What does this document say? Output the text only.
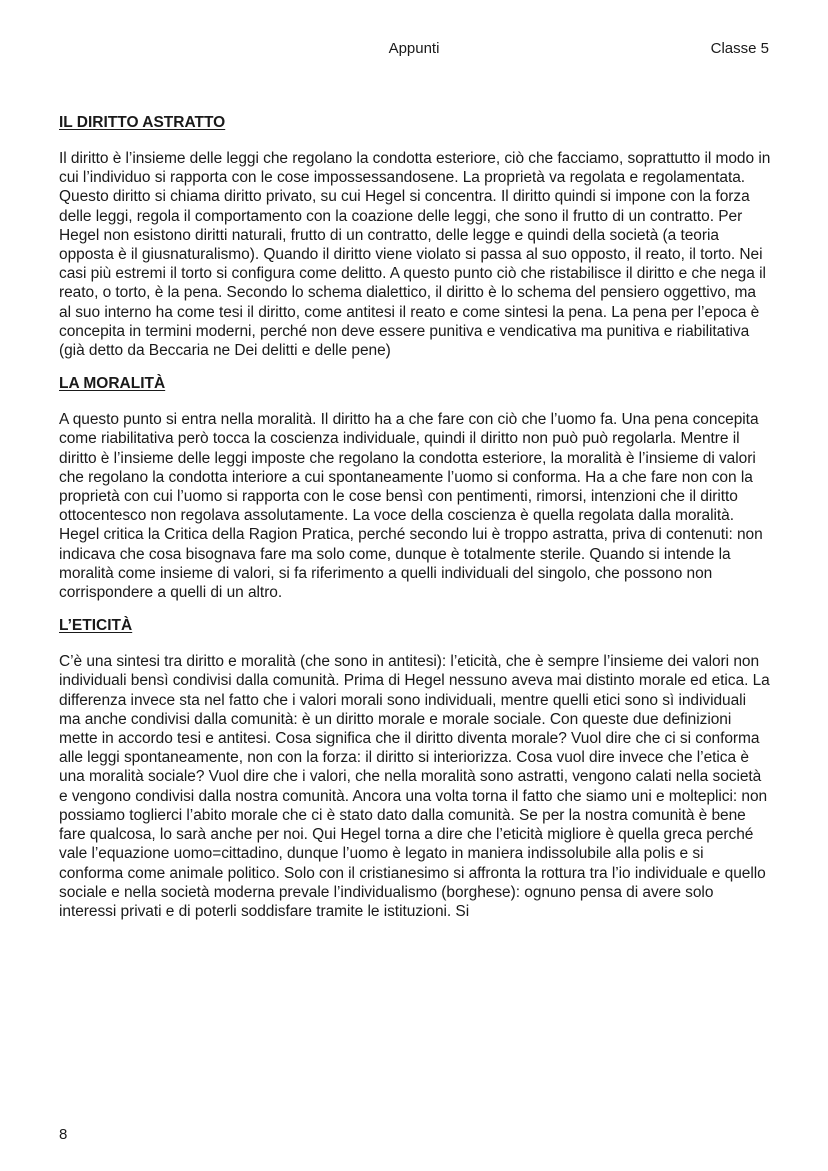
Appunti	Classe 5
IL DIRITTO ASTRATTO

Il diritto è l’insieme delle leggi che regolano la condotta esteriore, ciò che facciamo, soprattutto il modo in cui l’individuo si rapporta con le cose impossessandosene. La proprietà va regolata e regolamentata. Questo diritto si chiama diritto privato, su cui Hegel si concentra. Il diritto quindi si impone con la forza delle leggi, regola il comportamento con la coazione delle leggi, che sono il frutto di un contratto. Per Hegel non esistono diritti naturali, frutto di un contratto, delle legge e quindi della società (a teoria opposta è il giusnaturalismo). Quando il diritto viene violato si passa al suo opposto, il reato, il torto. Nei casi più estremi il torto si configura come delitto. A questo punto ciò che ristabilisce il diritto e che nega il reato, o torto, è la pena. Secondo lo schema dialettico, il diritto è lo schema del pensiero oggettivo, ma al suo interno ha come tesi il diritto, come antitesi il reato e come sintesi la pena. La pena per l’epoca è concepita in termini moderni, perché non deve essere punitiva e vendicativa ma punitiva e riabilitativa (già detto da Beccaria ne Dei delitti e delle pene)

LA MORALITÀ

A questo punto si entra nella moralità. Il diritto ha a che fare con ciò che l’uomo fa. Una pena concepita come riabilitativa però tocca la coscienza individuale, quindi il diritto non può può regolarla. Mentre il diritto è l’insieme delle leggi imposte che regolano la condotta esteriore, la moralità è l’insieme di valori che regolano la condotta interiore a cui spontaneamente l’uomo si conforma. Ha a che fare non con la proprietà con cui l’uomo si rapporta con le cose bensì con pentimenti, rimorsi, intenzioni che il diritto ottocentesco non regolava assolutamente. La voce della coscienza è quella regolata dalla moralità. Hegel critica la Critica della Ragion Pratica, perché secondo lui è troppo astratta, priva di contenuti: non indicava che cosa bisognava fare ma solo come, dunque è totalmente sterile. Quando si intende la moralità come insieme di valori, si fa riferimento a quelli individuali del singolo, che possono non corrispondere a quelli di un altro.

L’ETICITÀ

C’è una sintesi tra diritto e moralità (che sono in antitesi): l’eticità, che è sempre l’insieme dei valori non individuali bensì condivisi dalla comunità. Prima di Hegel nessuno aveva mai distinto morale ed etica. La differenza invece sta nel fatto che i valori morali sono individuali, mentre quelli etici sono sì individuali ma anche condivisi dalla comunità: è un diritto morale e morale sociale. Con queste due definizioni mette in accordo tesi e antitesi. Cosa significa che il diritto diventa morale? Vuol dire che ci si conforma alle leggi spontaneamente, non con la forza: il diritto si interiorizza. Cosa vuol dire invece che l’etica è una moralità sociale? Vuol dire che i valori, che nella moralità sono astratti, vengono calati nella società e vengono condivisi dalla nostra comunità. Ancora una volta torna il fatto che siamo uni e molteplici: non possiamo toglierci l’abito morale che ci è stato dato dalla comunità. Se per la nostra comunità è bene fare qualcosa, lo sarà anche per noi. Qui Hegel torna a dire che l’eticità migliore è quella greca perché vale l’equazione uomo=cittadino, dunque l’uomo è legato in maniera indissolubile alla polis e si conforma come animale politico. Solo con il cristianesimo si affronta la rottura tra l’io individuale e quello sociale e nella società moderna prevale l’individualismo (borghese): ognuno pensa di avere solo interessi privati e di poterli soddisfare tramite le istituzioni. Si

8
